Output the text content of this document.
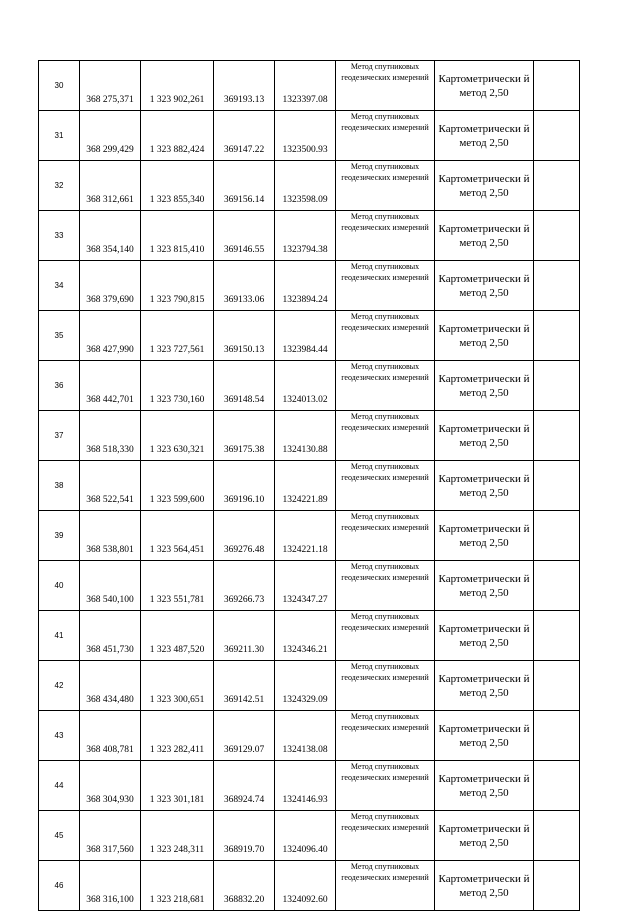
30	368 275,371	1 323 902,261	369193.13	1323397.08	Метод спутниковых геодезических измерений	Картометрически й метод 2,50	
31	368 299,429	1 323 882,424	369147.22	1323500.93	Метод спутниковых геодезических измерений	Картометрически й метод 2,50	
32	368 312,661	1 323 855,340	369156.14	1323598.09	Метод спутниковых геодезических измерений	Картометрически й метод 2,50	
33	368 354,140	1 323 815,410	369146.55	1323794.38	Метод спутниковых геодезических измерений	Картометрически й метод 2,50	
34	368 379,690	1 323 790,815	369133.06	1323894.24	Метод спутниковых геодезических измерений	Картометрически й метод 2,50	
35	368 427,990	1 323 727,561	369150.13	1323984.44	Метод спутниковых геодезических измерений	Картометрически й метод 2,50	
36	368 442,701	1 323 730,160	369148.54	1324013.02	Метод спутниковых геодезических измерений	Картометрически й метод 2,50	
37	368 518,330	1 323 630,321	369175.38	1324130.88	Метод спутниковых геодезических измерений	Картометрически й метод 2,50	
38	368 522,541	1 323 599,600	369196.10	1324221.89	Метод спутниковых геодезических измерений	Картометрически й метод 2,50	
39	368 538,801	1 323 564,451	369276.48	1324221.18	Метод спутниковых геодезических измерений	Картометрически й метод 2,50	
40	368 540,100	1 323 551,781	369266.73	1324347.27	Метод спутниковых геодезических измерений	Картометрически й метод 2,50	
41	368 451,730	1 323 487,520	369211.30	1324346.21	Метод спутниковых геодезических измерений	Картометрически й метод 2,50	
42	368 434,480	1 323 300,651	369142.51	1324329.09	Метод спутниковых геодезических измерений	Картометрически й метод 2,50	
43	368 408,781	1 323 282,411	369129.07	1324138.08	Метод спутниковых геодезических измерений	Картометрически й метод 2,50	
44	368 304,930	1 323 301,181	368924.74	1324146.93	Метод спутниковых геодезических измерений	Картометрически й метод 2,50	
45	368 317,560	1 323 248,311	368919.70	1324096.40	Метод спутниковых геодезических измерений	Картометрически й метод 2,50	
46	368 316,100	1 323 218,681	368832.20	1324092.60	Метод спутниковых геодезических измерений	Картометрически й метод 2,50	
